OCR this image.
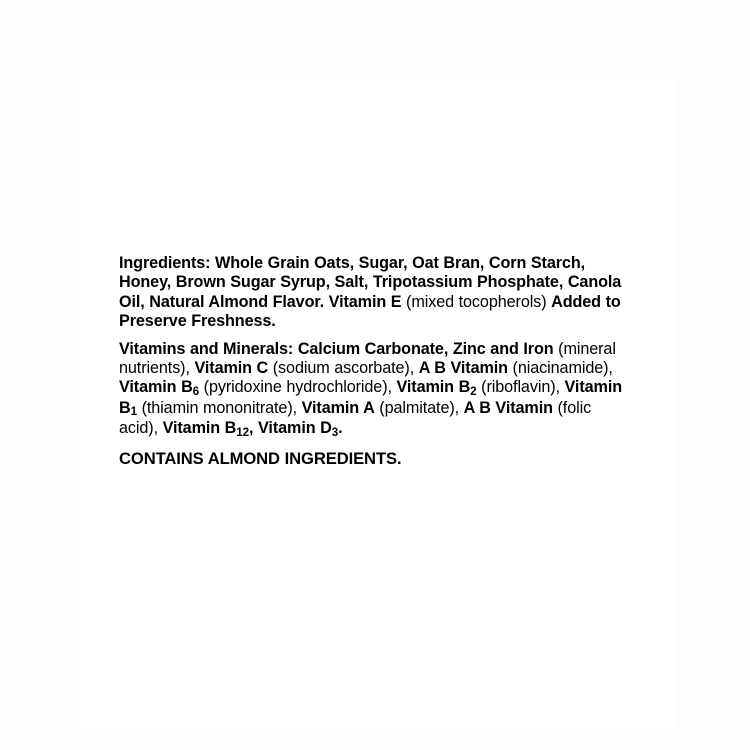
Ingredients: Whole Grain Oats, Sugar, Oat Bran, Corn Starch, Honey, Brown Sugar Syrup, Salt, Tripotassium Phosphate, Canola Oil, Natural Almond Flavor. Vitamin E (mixed tocopherols) Added to Preserve Freshness.

Vitamins and Minerals: Calcium Carbonate, Zinc and Iron (mineral nutrients), Vitamin C (sodium ascorbate), A B Vitamin (niacinamide), Vitamin $B_6$ (pyridoxine hydrochloride), Vitamin $B_2$ (riboflavin), Vitamin $B_1$ (thiamin mononitrate), Vitamin A (palmitate), A B Vitamin (folic acid), Vitamin $B_{12}$, Vitamin $D_3$.

CONTAINS ALMOND INGREDIENTS.
